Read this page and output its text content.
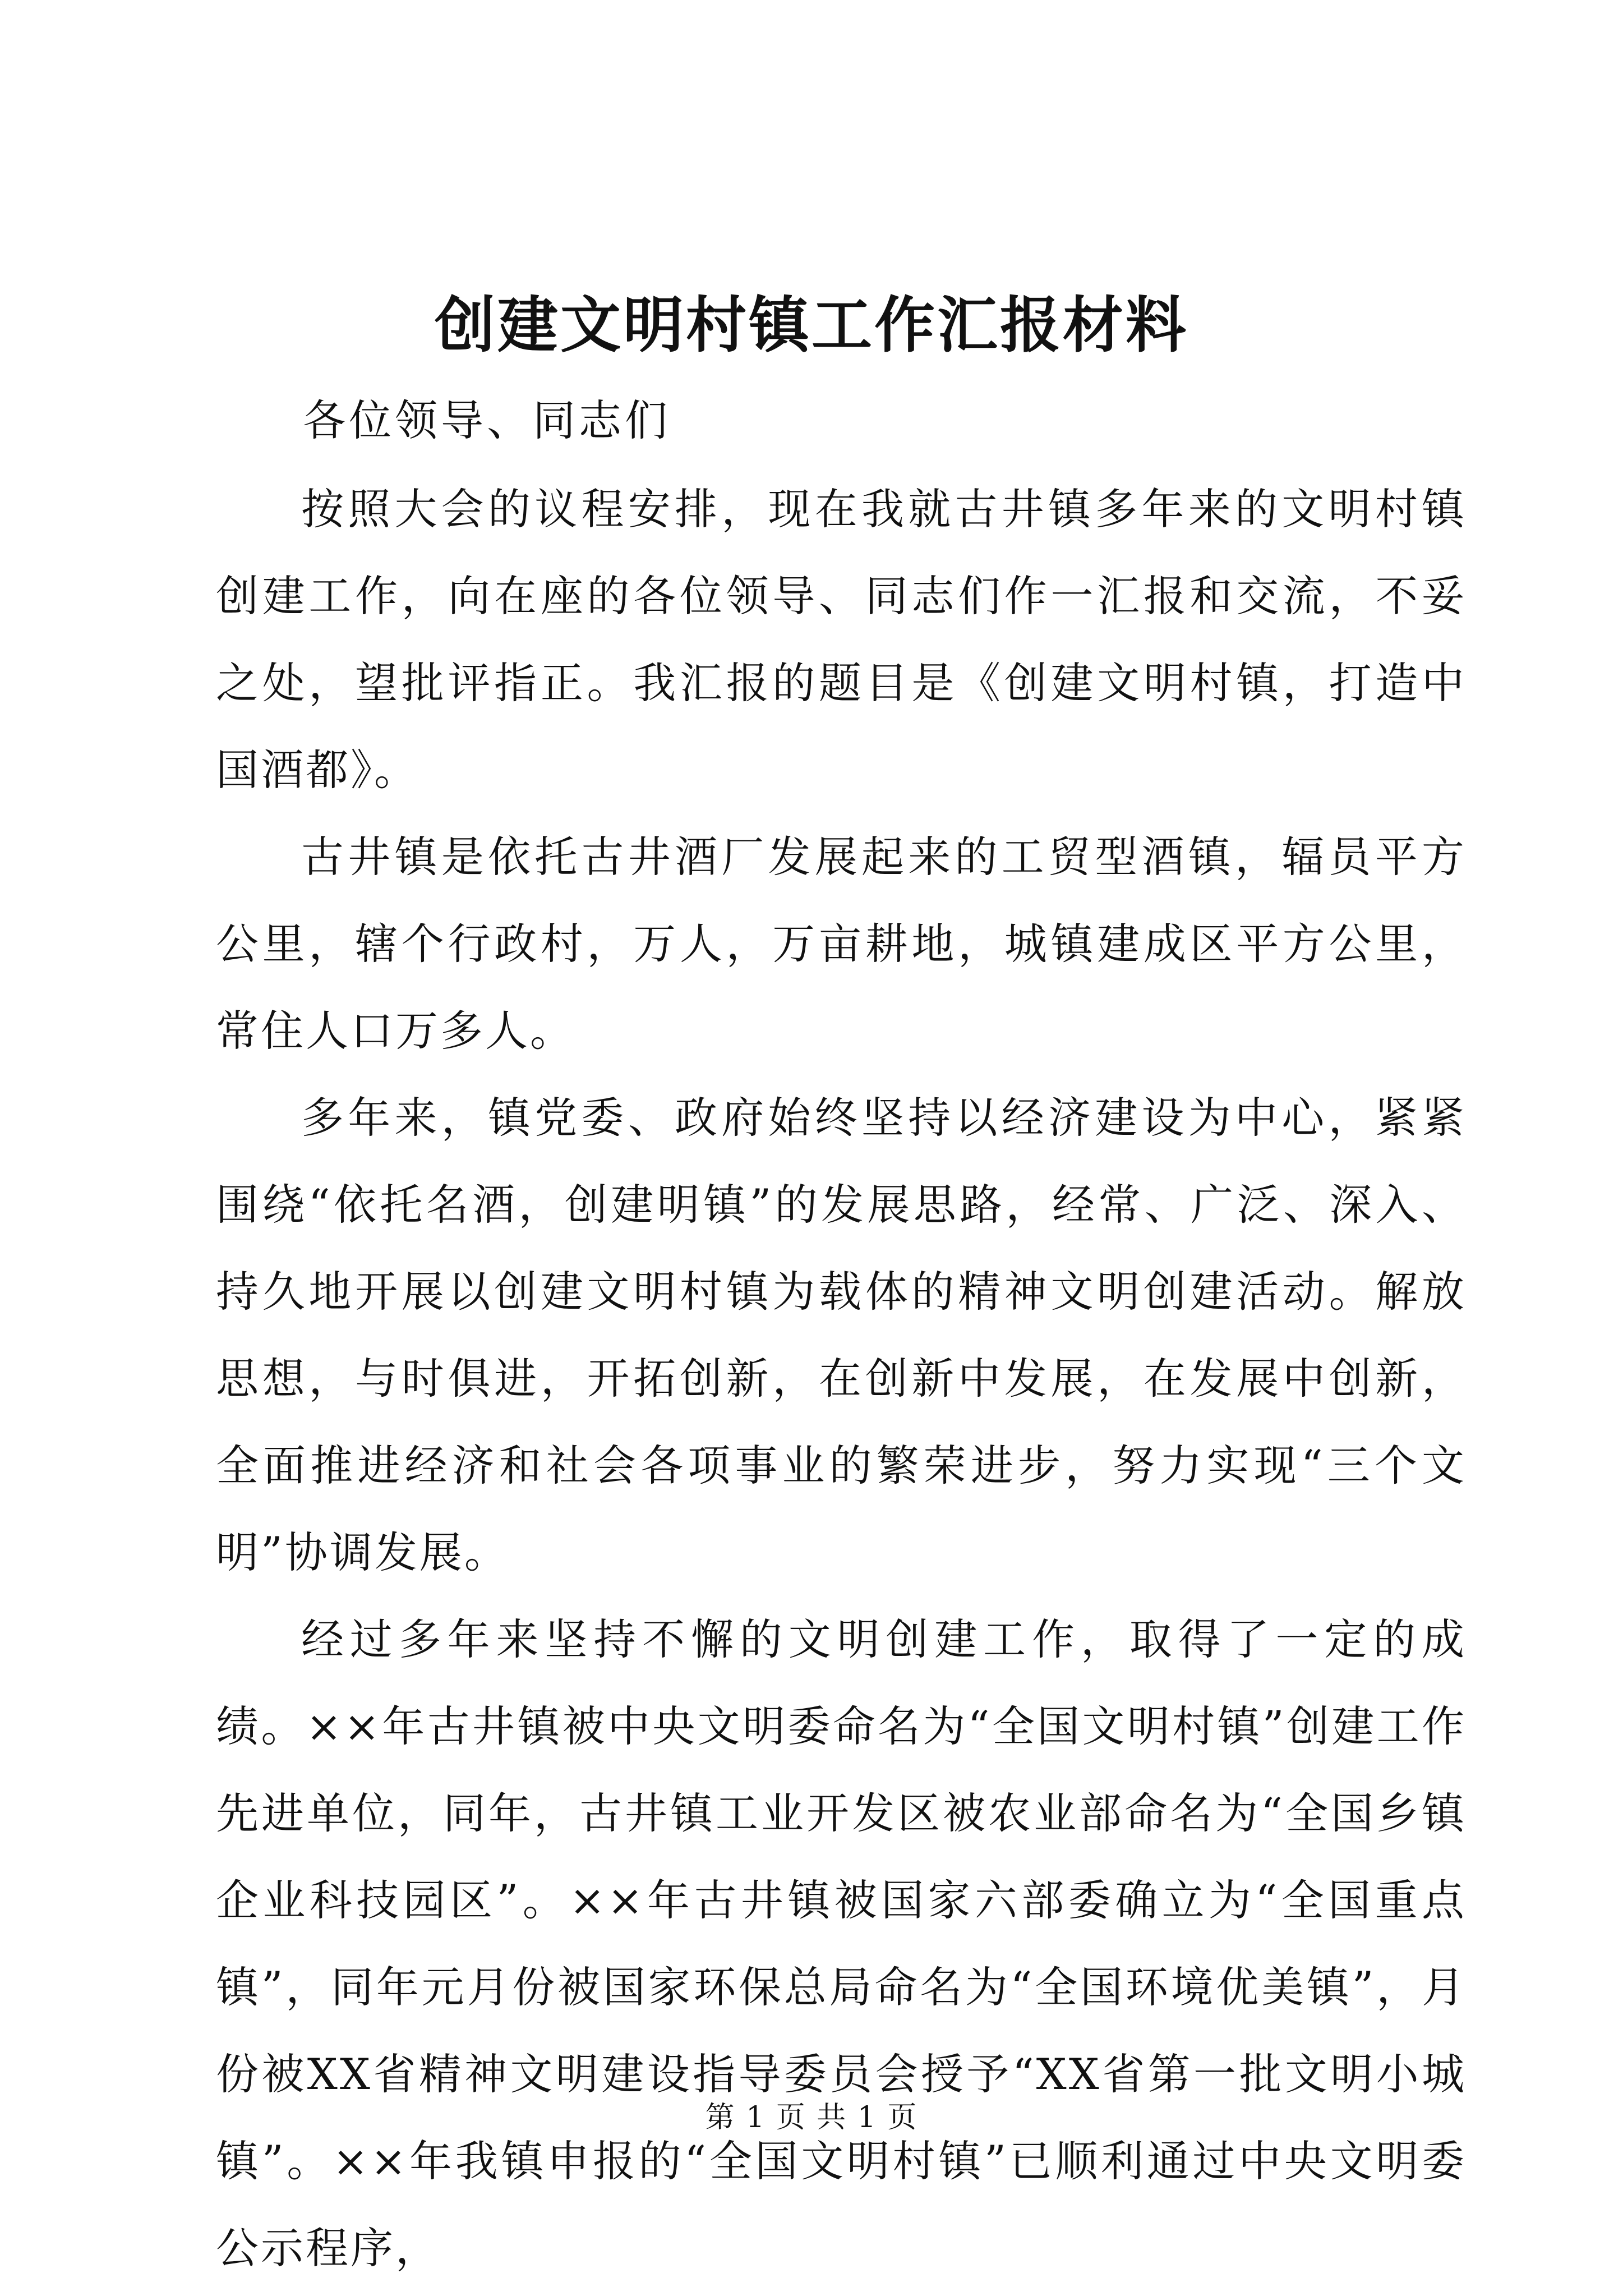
创建文明村镇工作汇报材料

各位领导、同志们

按照大会的议程安排，现在我就古井镇多年来的文明村镇创建工作，向在座的各位领导、同志们作一汇报和交流，不妥之处，望批评指正。我汇报的题目是《创建文明村镇，打造中国酒都》。

古井镇是依托古井酒厂发展起来的工贸型酒镇，辐员平方公里，辖个行政村，万人，万亩耕地，城镇建成区平方公里，常住人口万多人。

多年来，镇党委、政府始终坚持以经济建设为中心，紧紧围绕“依托名酒，创建明镇”的发展思路，经常、广泛、深入、持久地开展以创建文明村镇为载体的精神文明创建活动。解放思想，与时俱进，开拓创新，在创新中发展，在发展中创新，全面推进经济和社会各项事业的繁荣进步，努力实现“三个文明”协调发展。

经过多年来坚持不懈的文明创建工作，取得了一定的成绩。××年古井镇被中央文明委命名为“全国文明村镇”创建工作先进单位，同年，古井镇工业开发区被农业部命名为“全国乡镇企业科技园区”。××年古井镇被国家六部委确立为“全国重点镇”，同年元月份被国家环保总局命名为“全国环境优美镇”，月份被XX省精神文明建设指导委员会授予“XX省第一批文明小城镇”。××年我镇申报的“全国文明村镇”已顺利通过中央文明委公示程序，

第 1 页 共 1 页
